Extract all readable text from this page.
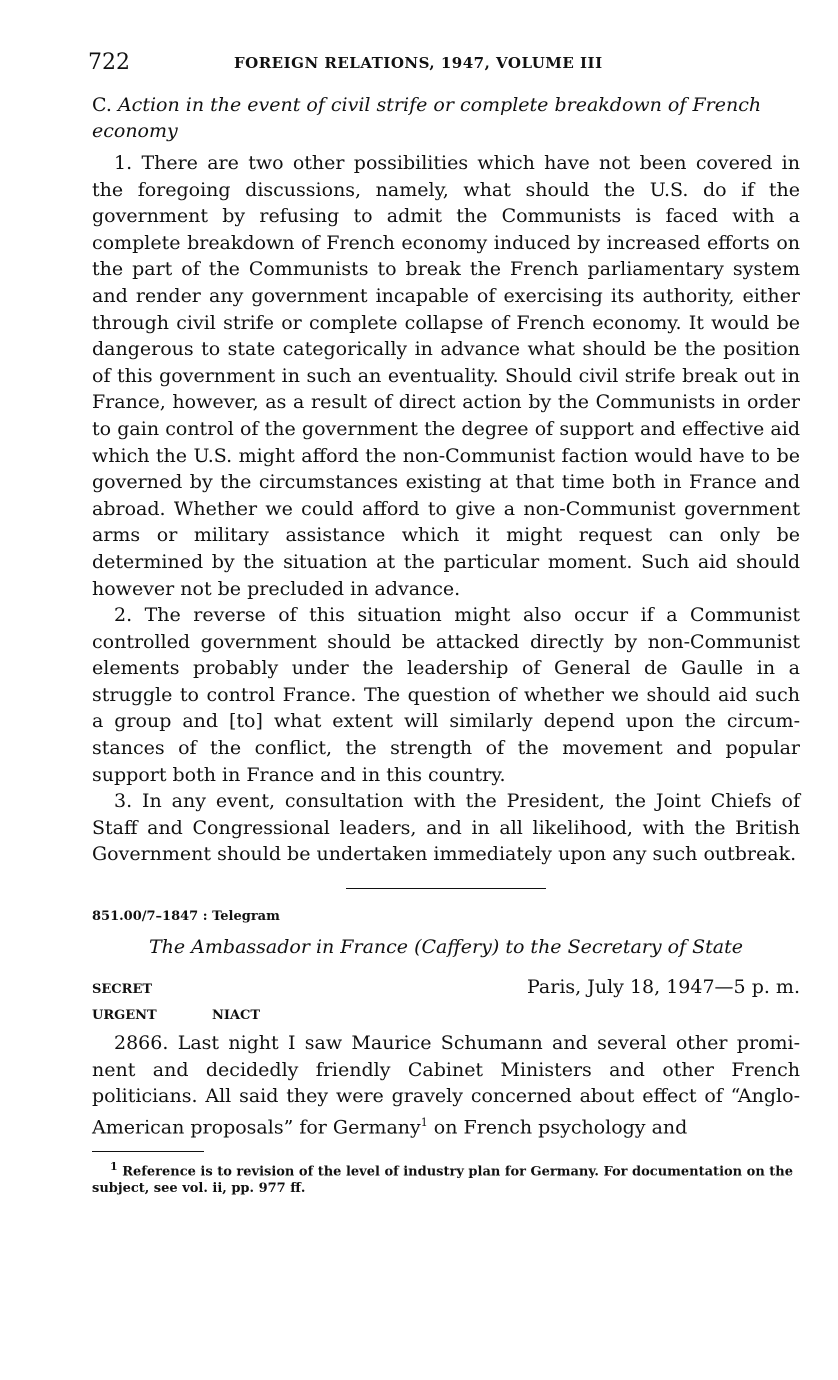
722	FOREIGN RELATIONS, 1947, VOLUME III
C. Action in the event of civil strife or complete breakdown of French economy

1. There are two other possibilities which have not been covered in the foregoing discussions, namely, what should the U.S. do if the government by refusing to admit the Communists is faced with a complete breakdown of French economy induced by increased efforts on the part of the Communists to break the French parliamentary system and render any government incapable of exercising its authority, either through civil strife or complete collapse of French economy. It would be dangerous to state categorically in advance what should be the position of this government in such an eventuality. Should civil strife break out in France, however, as a result of direct action by the Communists in order to gain control of the government the degree of support and effective aid which the U.S. might afford the non-Communist faction would have to be governed by the circumstances existing at that time both in France and abroad. Whether we could afford to give a non-Communist government arms or military assistance which it might request can only be determined by the situation at the particular moment. Such aid should however not be precluded in advance.

2. The reverse of this situation might also occur if a Communist controlled government should be attacked directly by non-Communist elements probably under the leadership of General de Gaulle in a struggle to control France. The question of whether we should aid such a group and [to] what extent will similarly depend upon the circumstances of the conflict, the strength of the movement and popular support both in France and in this country.

3. In any event, consultation with the President, the Joint Chiefs of Staff and Congressional leaders, and in all likelihood, with the British Government should be undertaken immediately upon any such outbreak.

851.00/7–1847 : Telegram

The Ambassador in France (Caffery) to the Secretary of State

SECRET	Paris, July 18, 1947—5 p. m.
URGENT	NIACT

2866. Last night I saw Maurice Schumann and several other prominent and decidedly friendly Cabinet Ministers and other French politicians. All said they were gravely concerned about effect of “Anglo-American proposals” for Germany$^1$ on French psychology and

$^1$ Reference is to revision of the level of industry plan for Germany. For documentation on the subject, see vol. ii, pp. 977 ff.
